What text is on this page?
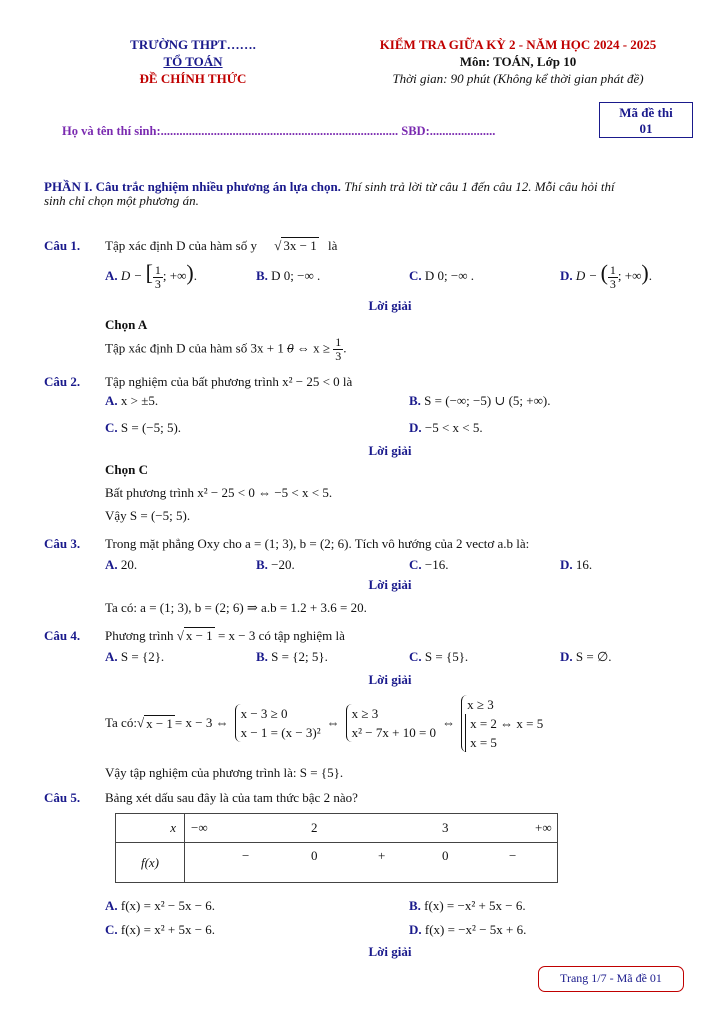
TRƯỜNG THPT…….
TỔ TOÁN
ĐỀ CHÍNH THỨC
KIỂM TRA GIỮA KỲ 2 - NĂM HỌC 2024 - 2025
Môn: TOÁN, Lớp 10
Thời gian: 90 phút (Không kể thời gian phát đề)
Mã đề thi
01
Họ và tên thí sinh:............................................................................ SBD:.....................
PHẦN I. Câu trắc nghiệm nhiều phương án lựa chọn. Thí sinh trả lời từ câu 1 đến câu 12. Mỗi câu hỏi thí
sinh chỉ chọn một phương án.
Câu 1. Tập xác định D của hàm số y √ 3x − 1 là
A. D − [ $\frac{1}{3}$ ; +∞).	B. D 0; −∞ .	C. D 0; −∞ .	D. D − ( $\frac{1}{3}$ ; +∞).
Lời giải
Chọn A
Tập xác định D của hàm số 3x + 1 0 ⇔ $x \ge \frac{1}{3}$ .
Câu 2. Tập nghiệm của bất phương trình x² − 25 < 0 là
A. x > ±5.	B. S = (−∞; −5) ∪ (5; +∞).
C. S = (−5; 5).	D. −5 < x < 5.
Lời giải
Chọn C
Bất phương trình x² − 25 < 0 ⇔ −5 < x < 5.
Vậy S = (−5; 5).
Câu 3. Trong mặt phẳng Oxy cho a = (1; 3), b = (2; 6). Tích vô hướng của 2 vectơ a.b là:
A. 20.	B. −20.	C. −16.	D. 16.
Lời giải
Ta có: a = (1; 3), b = (2; 6) ⇒ a.b = 1.2 + 3.6 = 20.
Câu 4. Phương trình √ x − 1 = x − 3 có tập nghiệm là
A. S = {2}.	B. S = {2; 5}.	C. S = {5}.	D. S = ∅.
Lời giải
Ta có: √ x − 1 = x − 3 ⇔
x − 3 ≥ 0
x − 1 = (x − 3)²
⇔
x ≥ 3
x² − 7x + 10 = 0
⇔
x ≥ 3
x = 2 ⇔ x = 5
x = 5
Vậy tập nghiệm của phương trình là: S = {5}.
Câu 5. Bảng xét dấu sau đây là của tam thức bậc 2 nào?
x	−∞ 2 3 +∞

f(x)	− 0 + 0 −
A. f(x) = x² − 5x − 6.	B. f(x) = −x² + 5x − 6.
C. f(x) = x² + 5x − 6.	D. f(x) = −x² − 5x + 6.
Lời giải
Trang 1/7 - Mã đề 01
